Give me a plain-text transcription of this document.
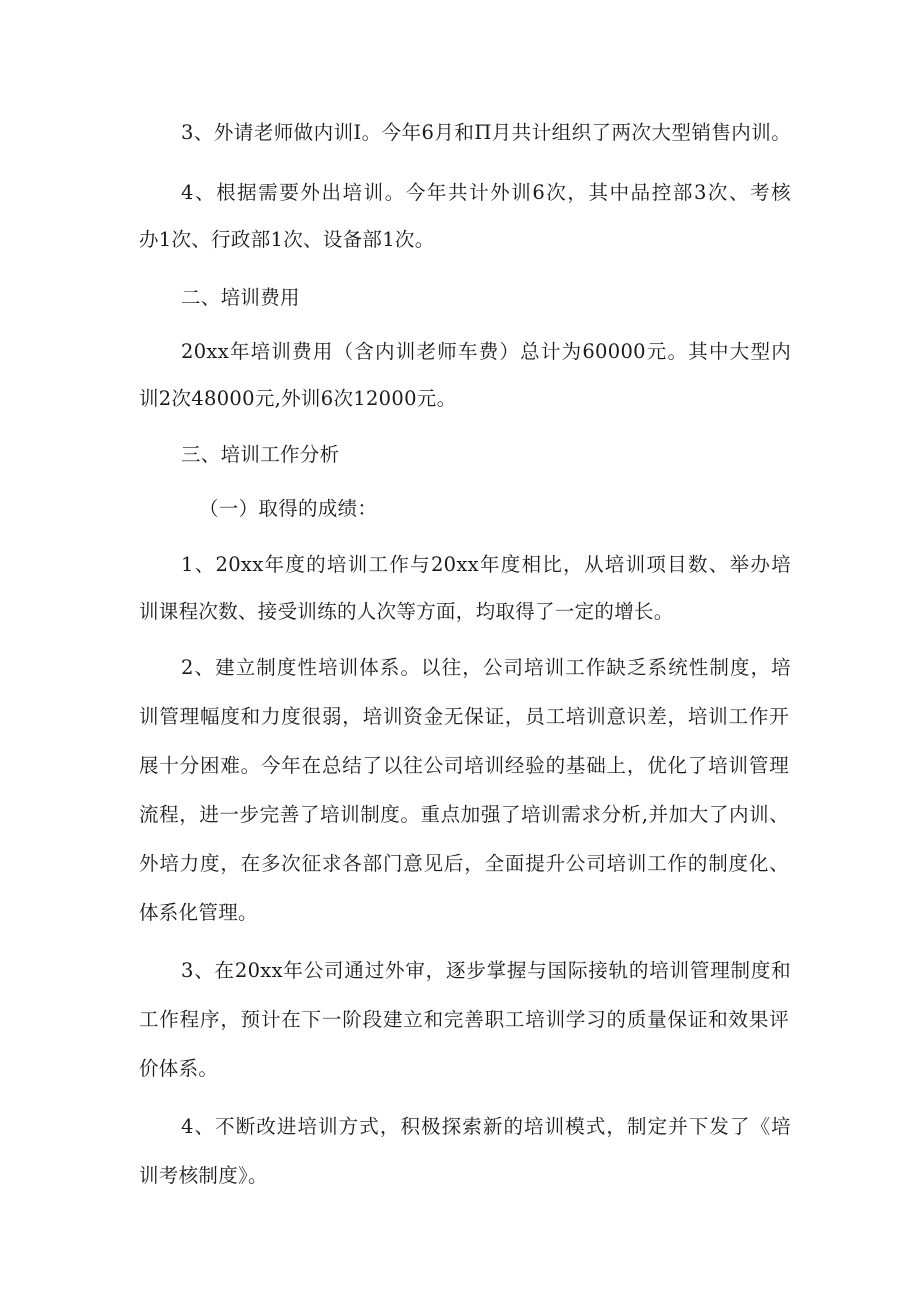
3、外请老师做内训Ⅰ。今年6月和Π月共计组织了两次大型销售内训。
4、根据需要外出培训。今年共计外训6次，其中品控部3次、考核
办1次、行政部1次、设备部1次。
二、培训费用
20xx年培训费用（含内训老师车费）总计为60000元。其中大型内
训2次48000元,外训6次12000元。
三、培训工作分析
（一）取得的成绩：
1、20xx年度的培训工作与20xx年度相比，从培训项目数、举办培
训课程次数、接受训练的人次等方面，均取得了一定的增长。
2、建立制度性培训体系。以往，公司培训工作缺乏系统性制度，培
训管理幅度和力度很弱，培训资金无保证，员工培训意识差，培训工作开
展十分困难。今年在总结了以往公司培训经验的基础上，优化了培训管理
流程，进一步完善了培训制度。重点加强了培训需求分析,并加大了内训、
外培力度，在多次征求各部门意见后，全面提升公司培训工作的制度化、
体系化管理。
3、在20xx年公司通过外审，逐步掌握与国际接轨的培训管理制度和
工作程序，预计在下一阶段建立和完善职工培训学习的质量保证和效果评
价体系。
4、不断改进培训方式，积极探索新的培训模式，制定并下发了《培
训考核制度》。
